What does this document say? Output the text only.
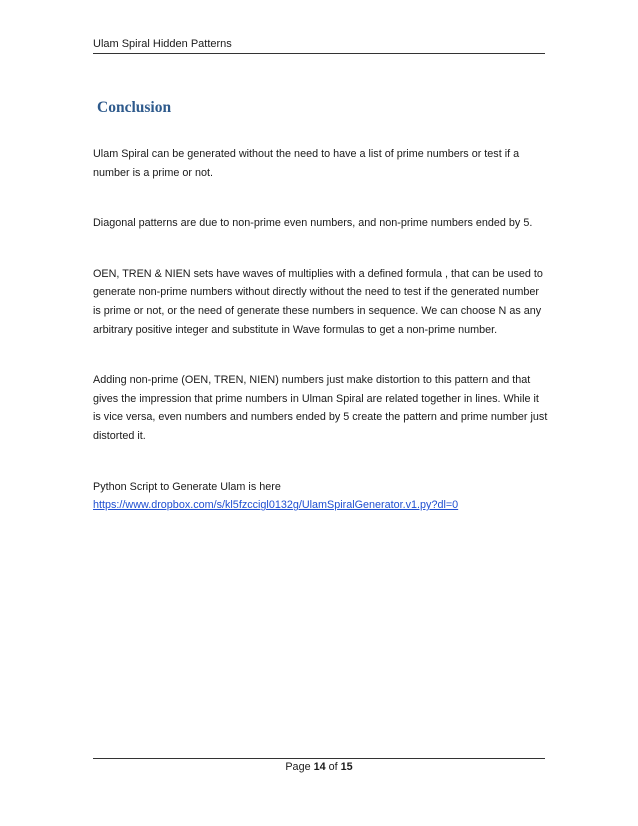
Ulam Spiral Hidden Patterns
Conclusion

Ulam Spiral can be generated without the need to have a list of prime numbers or test if a number is a prime or not.

Diagonal patterns are due to non-prime even numbers, and non-prime numbers ended by 5.

OEN, TREN & NIEN sets have waves of multiplies with a defined formula , that can be used to generate non-prime numbers without directly without the need to test if the generated number is prime or not, or the need of generate these numbers in sequence. We can choose N as any arbitrary positive integer and substitute in Wave formulas to get a non-prime number.

Adding non-prime (OEN, TREN, NIEN) numbers just make distortion to this pattern and that gives the impression that prime numbers in Ulman Spiral are related together in lines. While it is vice versa, even numbers and numbers ended by 5 create the pattern and prime number just distorted it.

Python Script to Generate Ulam is here
https://www.dropbox.com/s/kl5fzccigl0132g/UlamSpiralGenerator.v1.py?dl=0

Page 14 of 15
